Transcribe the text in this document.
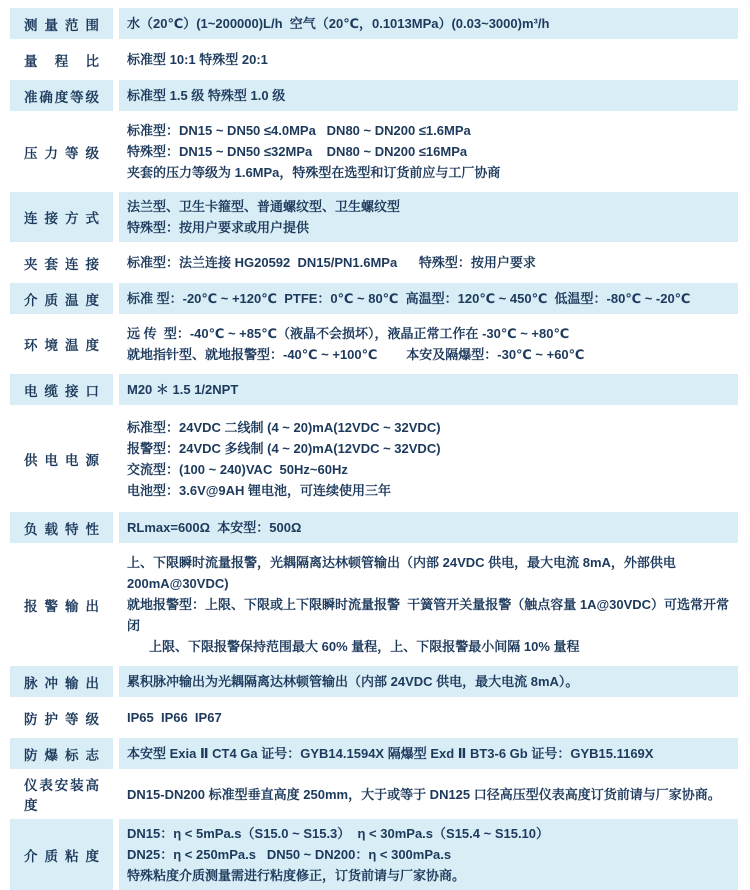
测量范围 水（20℃）(1~200000)L/h  空气（20℃，0.1013MPa）(0.03~3000)m³/h
量程比 标准型 10:1 特殊型 20:1
准确度等级 标准型 1.5 级 特殊型 1.0 级
压力等级
标准型：DN15 ~ DN50 ≤4.0MPa   DN80 ~ DN200 ≤1.6MPa
特殊型：DN15 ~ DN50 ≤32MPa    DN80 ~ DN200 ≤16MPa
夹套的压力等级为 1.6MPa，特殊型在选型和订货前应与工厂协商
连接方式
法兰型、卫生卡箍型、普通螺纹型、卫生螺纹型
特殊型：按用户要求或用户提供
夹套连接 标准型：法兰连接 HG20592  DN15/PN1.6MPa      特殊型：按用户要求
介质温度 标准 型：-20℃ ~ +120℃  PTFE：0℃ ~ 80℃  高温型：120℃ ~ 450℃  低温型：-80℃ ~ -20℃
环境温度
远 传  型：-40℃ ~ +85℃（液晶不会损坏），液晶正常工作在 -30℃ ~ +80℃
就地指针型、就地报警型：-40℃ ~ +100℃        本安及隔爆型：-30℃ ~ +60℃
电缆接口 M20 ＊ 1.5 1/2NPT
供电电源
标准型：24VDC 二线制 (4 ~ 20)mA(12VDC ~ 32VDC)
报警型：24VDC 多线制 (4 ~ 20)mA(12VDC ~ 32VDC)
交流型：(100 ~ 240)VAC  50Hz~60Hz
电池型：3.6V@9AH 锂电池，可连续使用三年
负载特性 RLmax=600Ω  本安型：500Ω
报警输出
上、下限瞬时流量报警，光耦隔离达林顿管输出（内部 24VDC 供电，最大电流 8mA，外部供电 200mA@30VDC)
就地报警型：上限、下限或上下限瞬时流量报警  干簧管开关量报警（触点容量 1A@30VDC）可选常开常闭
上限、下限报警保持范围最大 60% 量程，上、下限报警最小间隔 10% 量程
脉冲输出 累积脉冲输出为光耦隔离达林顿管输出（内部 24VDC 供电，最大电流 8mA）。
防护等级 IP65  IP66  IP67
防爆标志 本安型 Exia Ⅱ CT4 Ga 证号：GYB14.1594X 隔爆型 Exd Ⅱ BT3-6 Gb 证号：GYB15.1169X
仪表安装高度
DN15-DN200 标准型垂直高度 250mm，大于或等于 DN125 口径高压型仪表高度订货前请与厂家协商。
介质粘度
DN15：η < 5mPa.s（S15.0 ~ S15.3）  η < 30mPa.s（S15.4 ~ S15.10）
DN25：η < 250mPa.s   DN50 ~ DN200：η < 300mPa.s
特殊粘度介质测量需进行粘度修正，订货前请与厂家协商。
